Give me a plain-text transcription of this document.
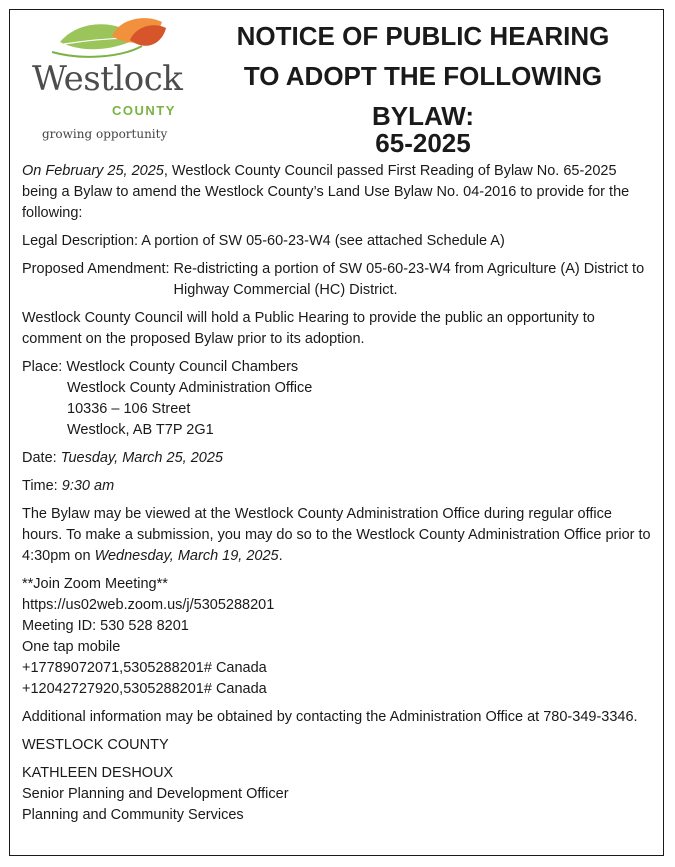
Westlock
COUNTY
growing opportunity
NOTICE OF PUBLIC HEARING
TO ADOPT THE FOLLOWING
BYLAW:
65-2025

On February 25, 2025, Westlock County Council passed First Reading of Bylaw No. 65-2025 being a Bylaw to amend the Westlock County’s Land Use Bylaw No. 04-2016 to provide for the following:

Legal Description: A portion of SW 05-60-23-W4 (see attached Schedule A)

Proposed Amendment: Re-districting a portion of SW 05-60-23-W4 from Agriculture (A) District to Highway Commercial (HC) District.

Westlock County Council will hold a Public Hearing to provide the public an opportunity to comment on the proposed Bylaw prior to its adoption.

Place: Westlock County Council Chambers
Westlock County Administration Office
10336 – 106 Street
Westlock, AB T7P 2G1

Date: Tuesday, March 25, 2025

Time: 9:30 am

The Bylaw may be viewed at the Westlock County Administration Office during regular office hours. To make a submission, you may do so to the Westlock County Administration Office prior to 4:30pm on Wednesday, March 19, 2025.

**Join Zoom Meeting**
https://us02web.zoom.us/j/5305288201
Meeting ID: 530 528 8201
One tap mobile
+17789072071,5305288201# Canada
+12042727920,5305288201# Canada

Additional information may be obtained by contacting the Administration Office at 780-349-3346.

WESTLOCK COUNTY

KATHLEEN DESHOUX
Senior Planning and Development Officer
Planning and Community Services
